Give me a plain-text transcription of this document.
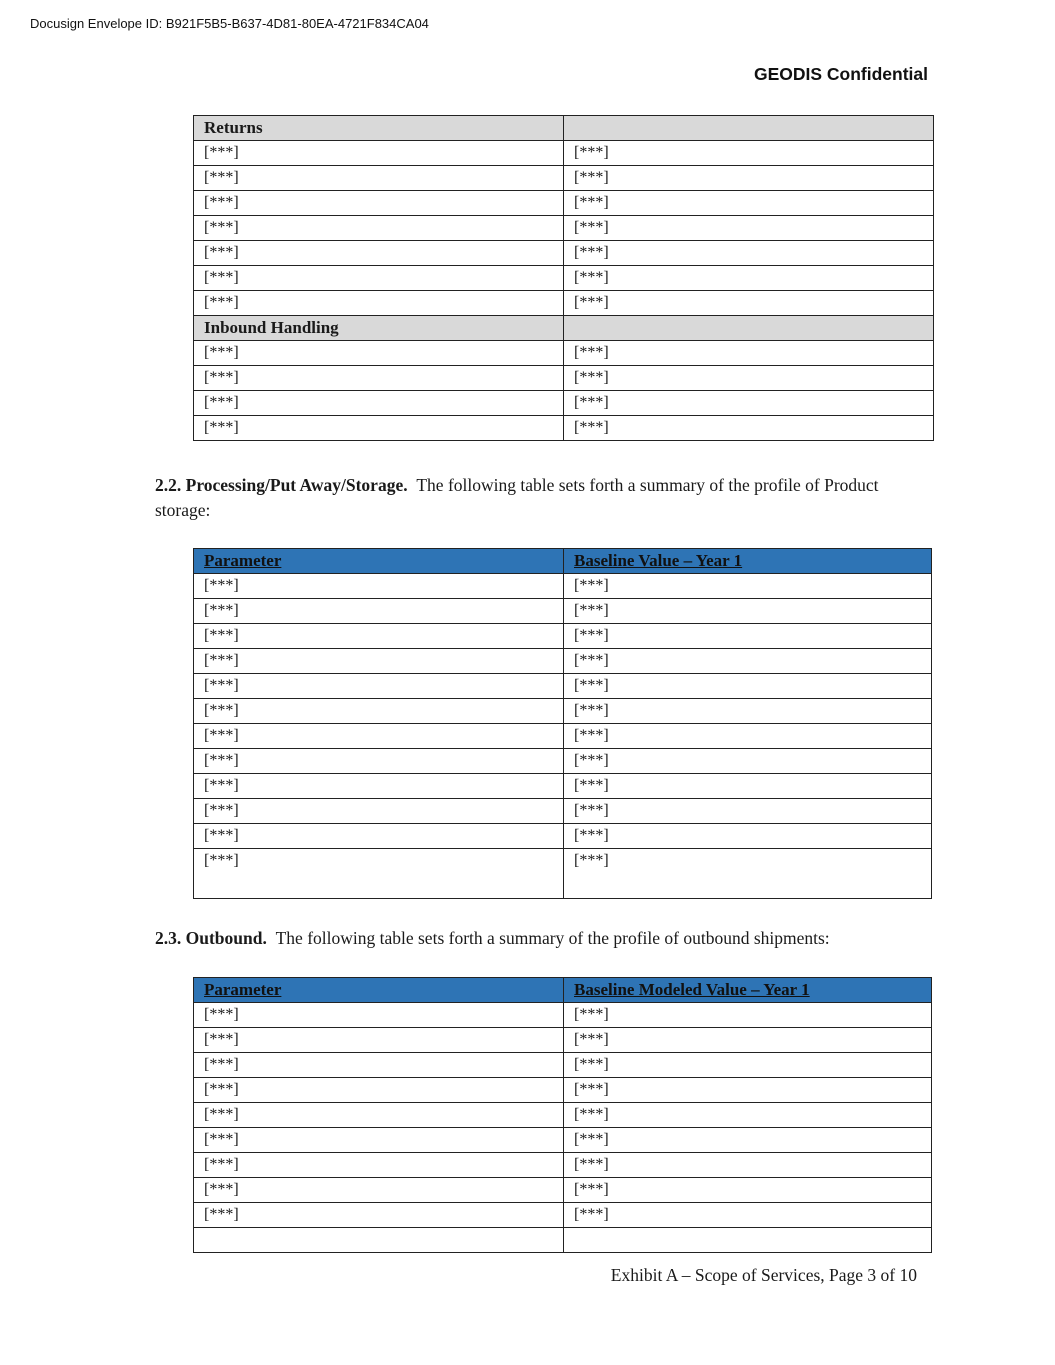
Docusign Envelope ID: B921F5B5-B637-4D81-80EA-4721F834CA04
GEODIS Confidential
Returns	
[***]	[***]
[***]	[***]
[***]	[***]
[***]	[***]
[***]	[***]
[***]	[***]
[***]	[***]
Inbound Handling	
[***]	[***]
[***]	[***]
[***]	[***]
[***]	[***]
2.2. Processing/Put Away/Storage. The following table sets forth a summary of the profile of Product storage:
Parameter	Baseline Value – Year 1
[***]	[***]
[***]	[***]
[***]	[***]
[***]	[***]
[***]	[***]
[***]	[***]
[***]	[***]
[***]	[***]
[***]	[***]
[***]	[***]
[***]	[***]
[***]	[***]
2.3. Outbound. The following table sets forth a summary of the profile of outbound shipments:
Parameter	Baseline Modeled Value – Year 1
[***]	[***]
[***]	[***]
[***]	[***]
[***]	[***]
[***]	[***]
[***]	[***]
[***]	[***]
[***]	[***]
[***]	[***]

Exhibit A – Scope of Services, Page 3 of 10
